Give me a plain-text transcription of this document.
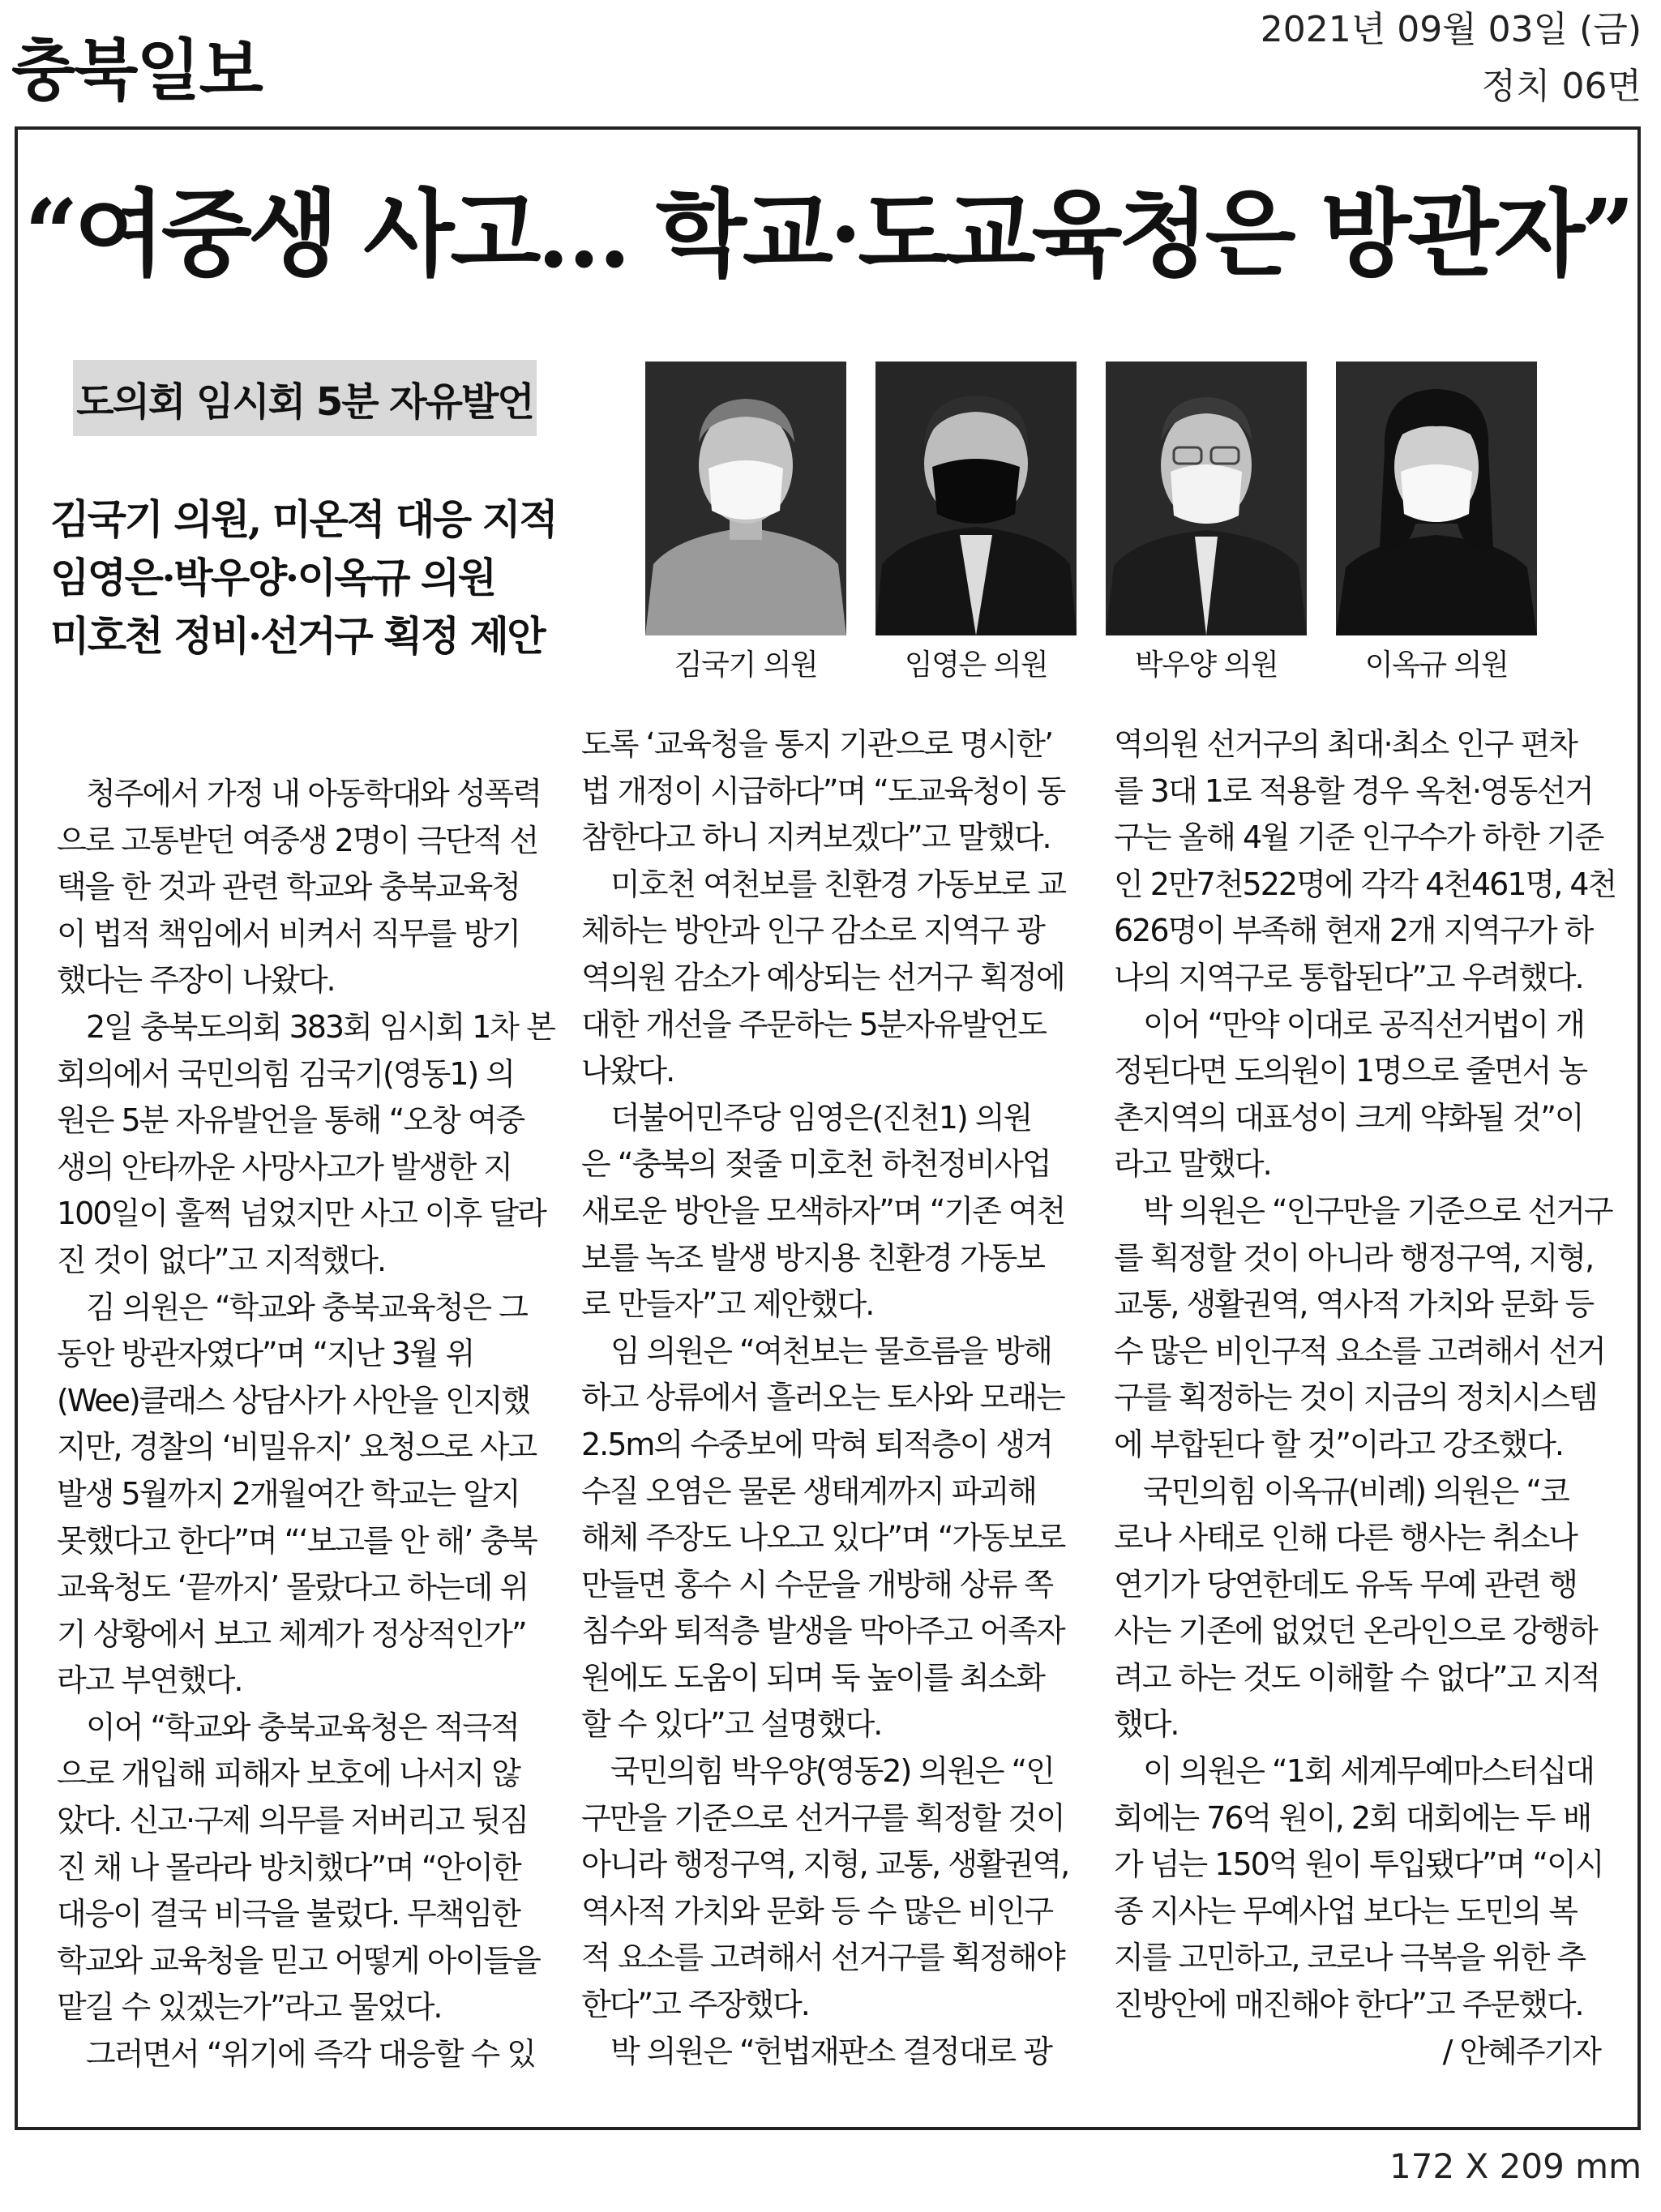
충북일보
2021년 09월 03일 (금)
정치 06면
“여중생 사고… 학교·도교육청은 방관자”
도의회 임시회 5분 자유발언
김국기 의원, 미온적 대응 지적
임영은·박우양·이옥규 의원
미호천 정비·선거구 획정 제안
김국기 의원	임영은 의원	박우양 의원	이옥규 의원
　청주에서 가정 내 아동학대와 성폭력
으로 고통받던 여중생 2명이 극단적 선
택을 한 것과 관련 학교와 충북교육청
이 법적 책임에서 비켜서 직무를 방기
했다는 주장이 나왔다.
　2일 충북도의회 383회 임시회 1차 본
회의에서 국민의힘 김국기(영동1) 의
원은 5분 자유발언을 통해 “오창 여중
생의 안타까운 사망사고가 발생한 지
100일이 훌쩍 넘었지만 사고 이후 달라
진 것이 없다”고 지적했다.
　김 의원은 “학교와 충북교육청은 그
동안 방관자였다”며 “지난 3월 위
(Wee)클래스 상담사가 사안을 인지했
지만, 경찰의 ‘비밀유지’ 요청으로 사고
발생 5월까지 2개월여간 학교는 알지
못했다고 한다”며 “‘보고를 안 해’ 충북
교육청도 ‘끝까지’ 몰랐다고 하는데 위
기 상황에서 보고 체계가 정상적인가”
라고 부연했다.
　이어 “학교와 충북교육청은 적극적
으로 개입해 피해자 보호에 나서지 않
았다. 신고·구제 의무를 저버리고 뒷짐
진 채 나 몰라라 방치했다”며 “안이한
대응이 결국 비극을 불렀다. 무책임한
학교와 교육청을 믿고 어떻게 아이들을
맡길 수 있겠는가”라고 물었다.
　그러면서 “위기에 즉각 대응할 수 있
도록 ‘교육청을 통지 기관으로 명시한’
법 개정이 시급하다”며 “도교육청이 동
참한다고 하니 지켜보겠다”고 말했다.
　미호천 여천보를 친환경 가동보로 교
체하는 방안과 인구 감소로 지역구 광
역의원 감소가 예상되는 선거구 획정에
대한 개선을 주문하는 5분자유발언도
나왔다.
　더불어민주당 임영은(진천1) 의원
은 “충북의 젖줄 미호천 하천정비사업
새로운 방안을 모색하자”며 “기존 여천
보를 녹조 발생 방지용 친환경 가동보
로 만들자”고 제안했다.
　임 의원은 “여천보는 물흐름을 방해
하고 상류에서 흘러오는 토사와 모래는
2.5m의 수중보에 막혀 퇴적층이 생겨
수질 오염은 물론 생태계까지 파괴해
해체 주장도 나오고 있다”며 “가동보로
만들면 홍수 시 수문을 개방해 상류 쪽
침수와 퇴적층 발생을 막아주고 어족자
원에도 도움이 되며 둑 높이를 최소화
할 수 있다”고 설명했다.
　국민의힘 박우양(영동2) 의원은 “인
구만을 기준으로 선거구를 획정할 것이
아니라 행정구역, 지형, 교통, 생활권역,
역사적 가치와 문화 등 수 많은 비인구
적 요소를 고려해서 선거구를 획정해야
한다”고 주장했다.
　박 의원은 “헌법재판소 결정대로 광
역의원 선거구의 최대·최소 인구 편차
를 3대 1로 적용할 경우 옥천·영동선거
구는 올해 4월 기준 인구수가 하한 기준
인 2만7천522명에 각각 4천461명, 4천
626명이 부족해 현재 2개 지역구가 하
나의 지역구로 통합된다”고 우려했다.
　이어 “만약 이대로 공직선거법이 개
정된다면 도의원이 1명으로 줄면서 농
촌지역의 대표성이 크게 약화될 것”이
라고 말했다.
　박 의원은 “인구만을 기준으로 선거구
를 획정할 것이 아니라 행정구역, 지형,
교통, 생활권역, 역사적 가치와 문화 등
수 많은 비인구적 요소를 고려해서 선거
구를 획정하는 것이 지금의 정치시스템
에 부합된다 할 것”이라고 강조했다.
　국민의힘 이옥규(비례) 의원은 “코
로나 사태로 인해 다른 행사는 취소나
연기가 당연한데도 유독 무예 관련 행
사는 기존에 없었던 온라인으로 강행하
려고 하는 것도 이해할 수 없다”고 지적
했다.
　이 의원은 “1회 세계무예마스터십대
회에는 76억 원이, 2회 대회에는 두 배
가 넘는 150억 원이 투입됐다”며 “이시
종 지사는 무예사업 보다는 도민의 복
지를 고민하고, 코로나 극복을 위한 추
진방안에 매진해야 한다”고 주문했다.
/ 안혜주기자
172 X 209 mm
